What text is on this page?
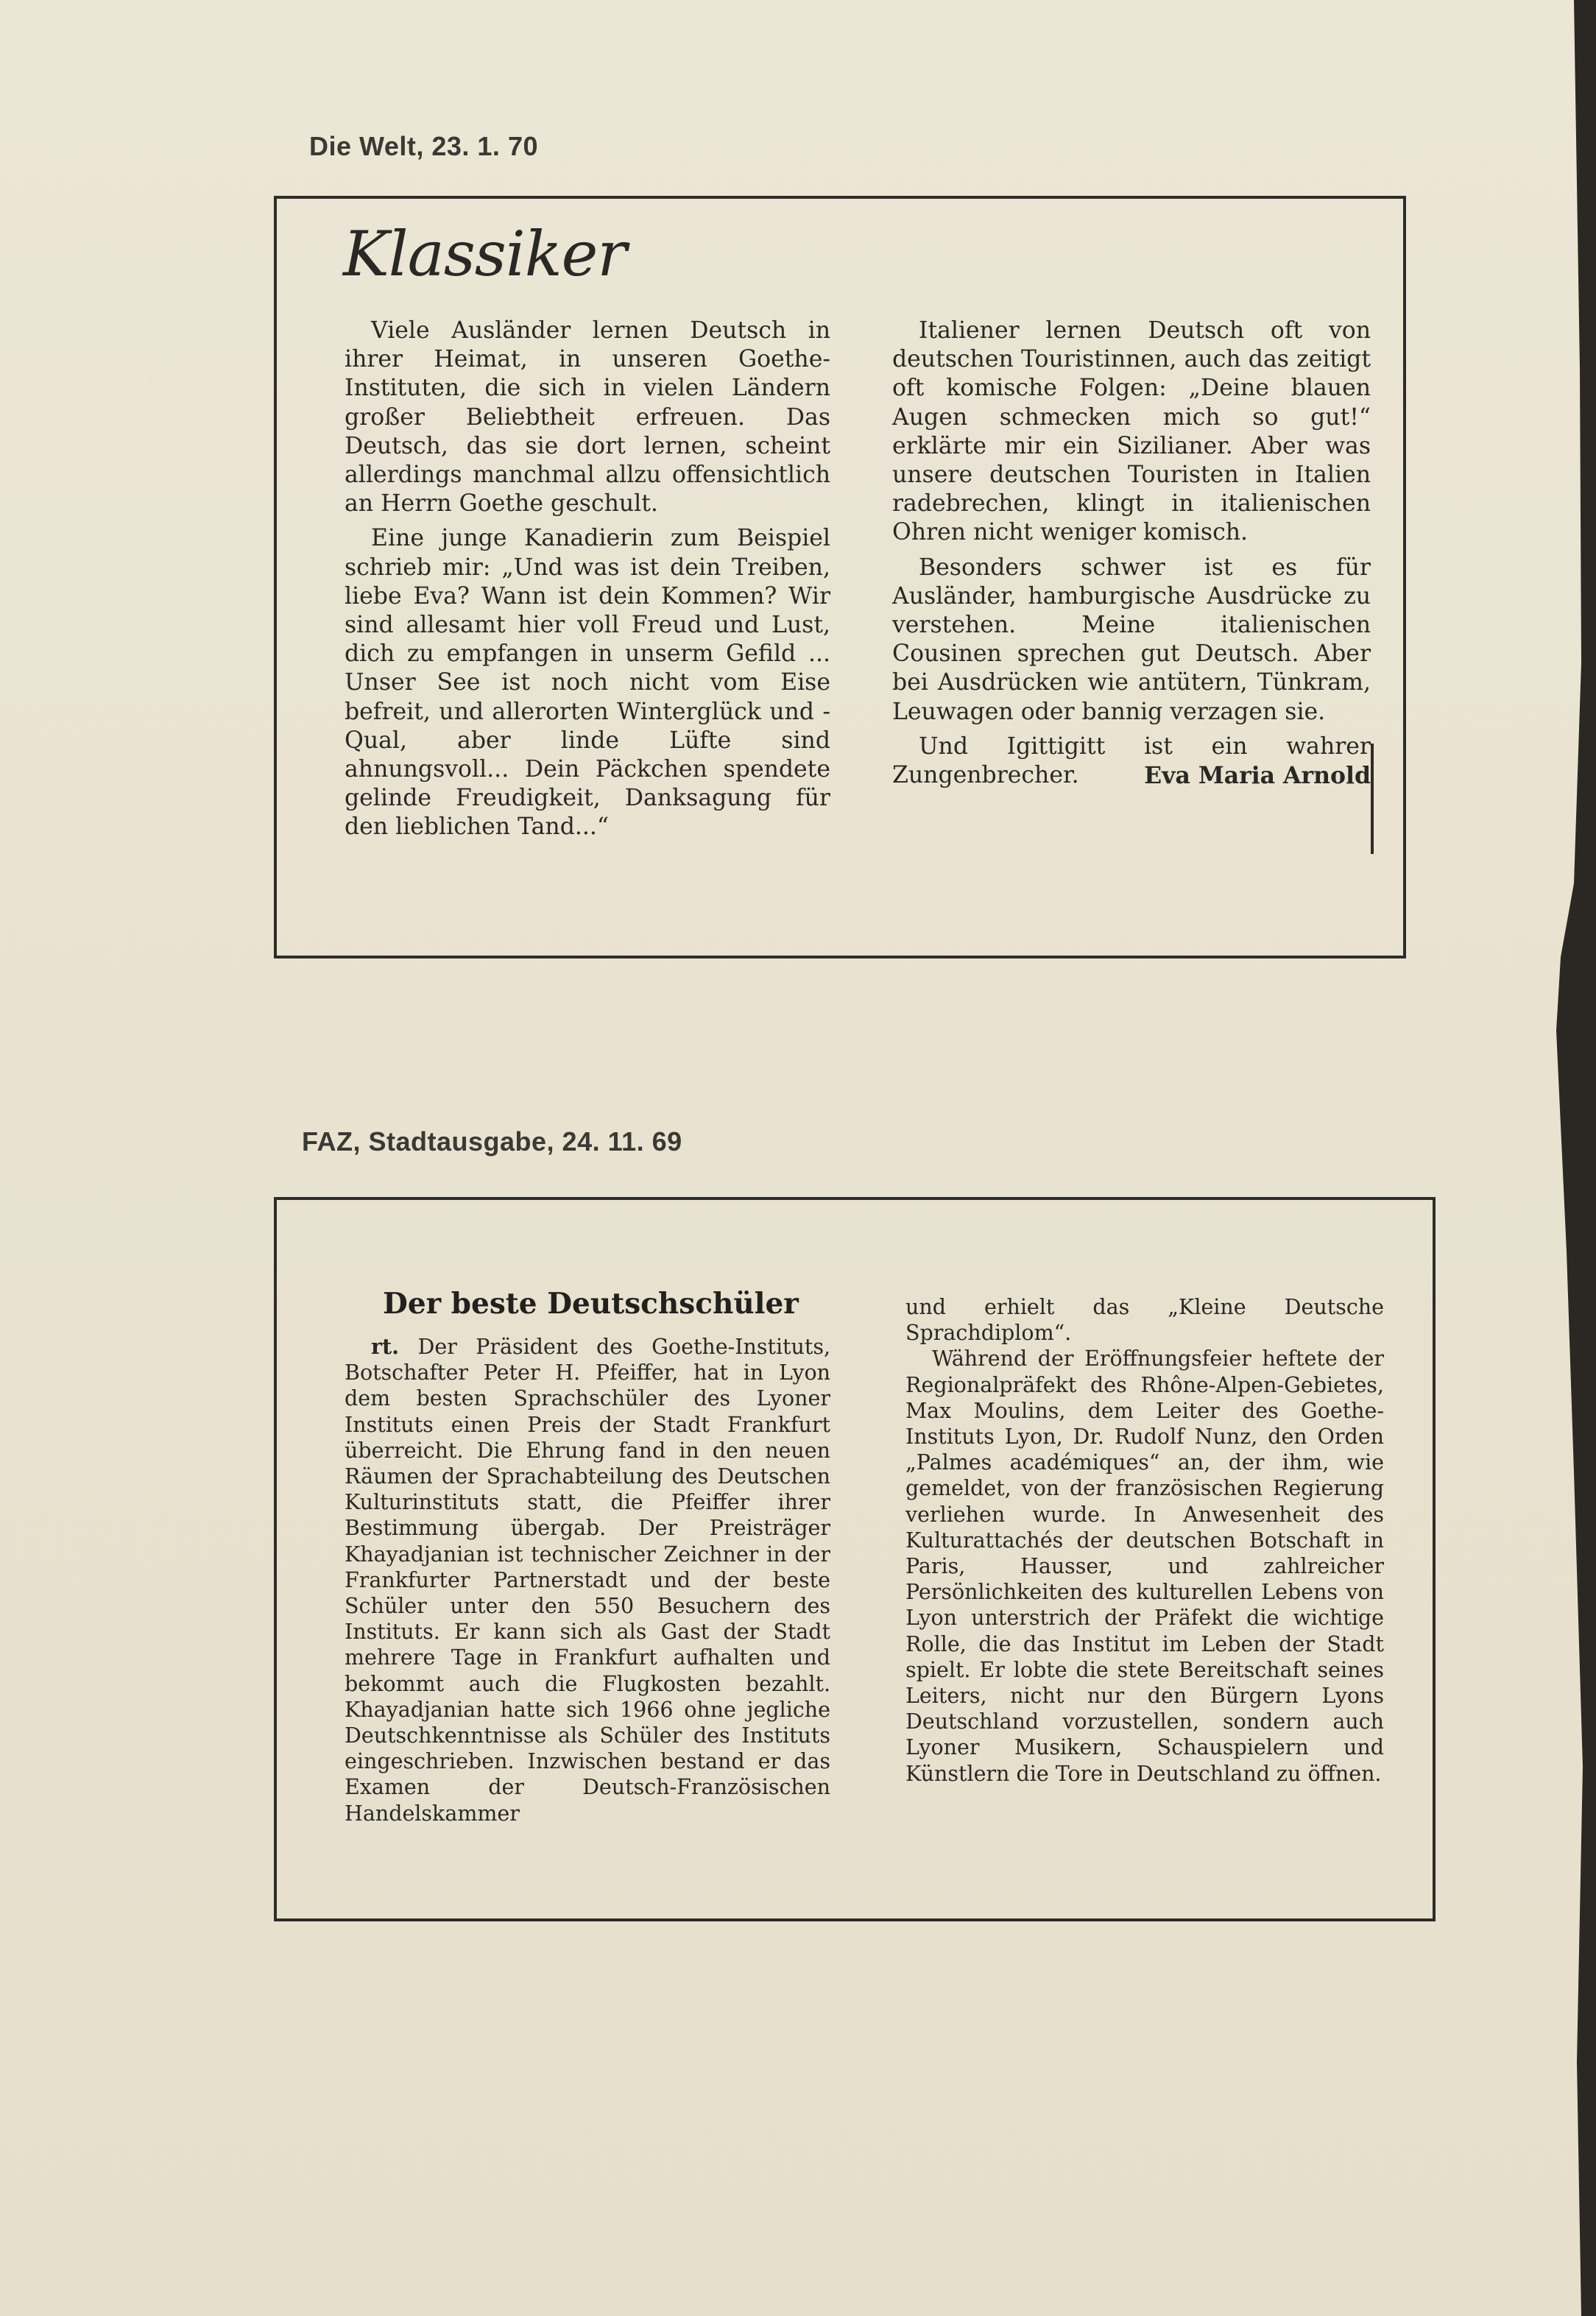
Die Welt, 23. 1. 70
Klassiker

Viele Ausländer lernen Deutsch in ihrer Heimat, in unseren Goethe-Instituten, die sich in vielen Ländern großer Beliebtheit erfreuen. Das Deutsch, das sie dort lernen, scheint allerdings manchmal allzu offensichtlich an Herrn Goethe geschult.

Eine junge Kanadierin zum Beispiel schrieb mir: „Und was ist dein Treiben, liebe Eva? Wann ist dein Kommen? Wir sind allesamt hier voll Freud und Lust, dich zu empfangen in unserm Gefild ... Unser See ist noch nicht vom Eise befreit, und allerorten Winterglück und -Qual, aber linde Lüfte sind ahnungsvoll... Dein Päckchen spendete gelinde Freudigkeit, Danksagung für den lieblichen Tand...“

Italiener lernen Deutsch oft von deutschen Touristinnen, auch das zeitigt oft komische Folgen: „Deine blauen Augen schmecken mich so gut!“ erklärte mir ein Sizilianer. Aber was unsere deutschen Touristen in Italien radebrechen, klingt in italienischen Ohren nicht weniger komisch.

Besonders schwer ist es für Ausländer, hamburgische Ausdrücke zu verstehen. Meine italienischen Cousinen sprechen gut Deutsch. Aber bei Ausdrücken wie antütern, Tünkram, Leuwagen oder bannig verzagen sie.

Und Igittigitt ist ein wahrer Zungenbrecher.	Eva Maria Arnold

FAZ, Stadtausgabe, 24. 11. 69
Der beste Deutschschüler

rt. Der Präsident des Goethe-Instituts, Botschafter Peter H. Pfeiffer, hat in Lyon dem besten Sprachschüler des Lyoner Instituts einen Preis der Stadt Frankfurt überreicht. Die Ehrung fand in den neuen Räumen der Sprachabteilung des Deutschen Kulturinstituts statt, die Pfeiffer ihrer Bestimmung übergab. Der Preisträger Khayadjanian ist technischer Zeichner in der Frankfurter Partnerstadt und der beste Schüler unter den 550 Besuchern des Instituts. Er kann sich als Gast der Stadt mehrere Tage in Frankfurt aufhalten und bekommt auch die Flugkosten bezahlt. Khayadjanian hatte sich 1966 ohne jegliche Deutschkenntnisse als Schüler des Instituts eingeschrieben. Inzwischen bestand er das Examen der Deutsch-Französischen Handelskammer

und erhielt das „Kleine Deutsche Sprachdiplom“.

Während der Eröffnungsfeier heftete der Regionalpräfekt des Rhône-Alpen-Gebietes, Max Moulins, dem Leiter des Goethe-Instituts Lyon, Dr. Rudolf Nunz, den Orden „Palmes académiques“ an, der ihm, wie gemeldet, von der französischen Regierung verliehen wurde. In Anwesenheit des Kulturattachés der deutschen Botschaft in Paris, Hausser, und zahlreicher Persönlichkeiten des kulturellen Lebens von Lyon unterstrich der Präfekt die wichtige Rolle, die das Institut im Leben der Stadt spielt. Er lobte die stete Bereitschaft seines Leiters, nicht nur den Bürgern Lyons Deutschland vorzustellen, sondern auch Lyoner Musikern, Schauspielern und Künstlern die Tore in Deutschland zu öffnen.
